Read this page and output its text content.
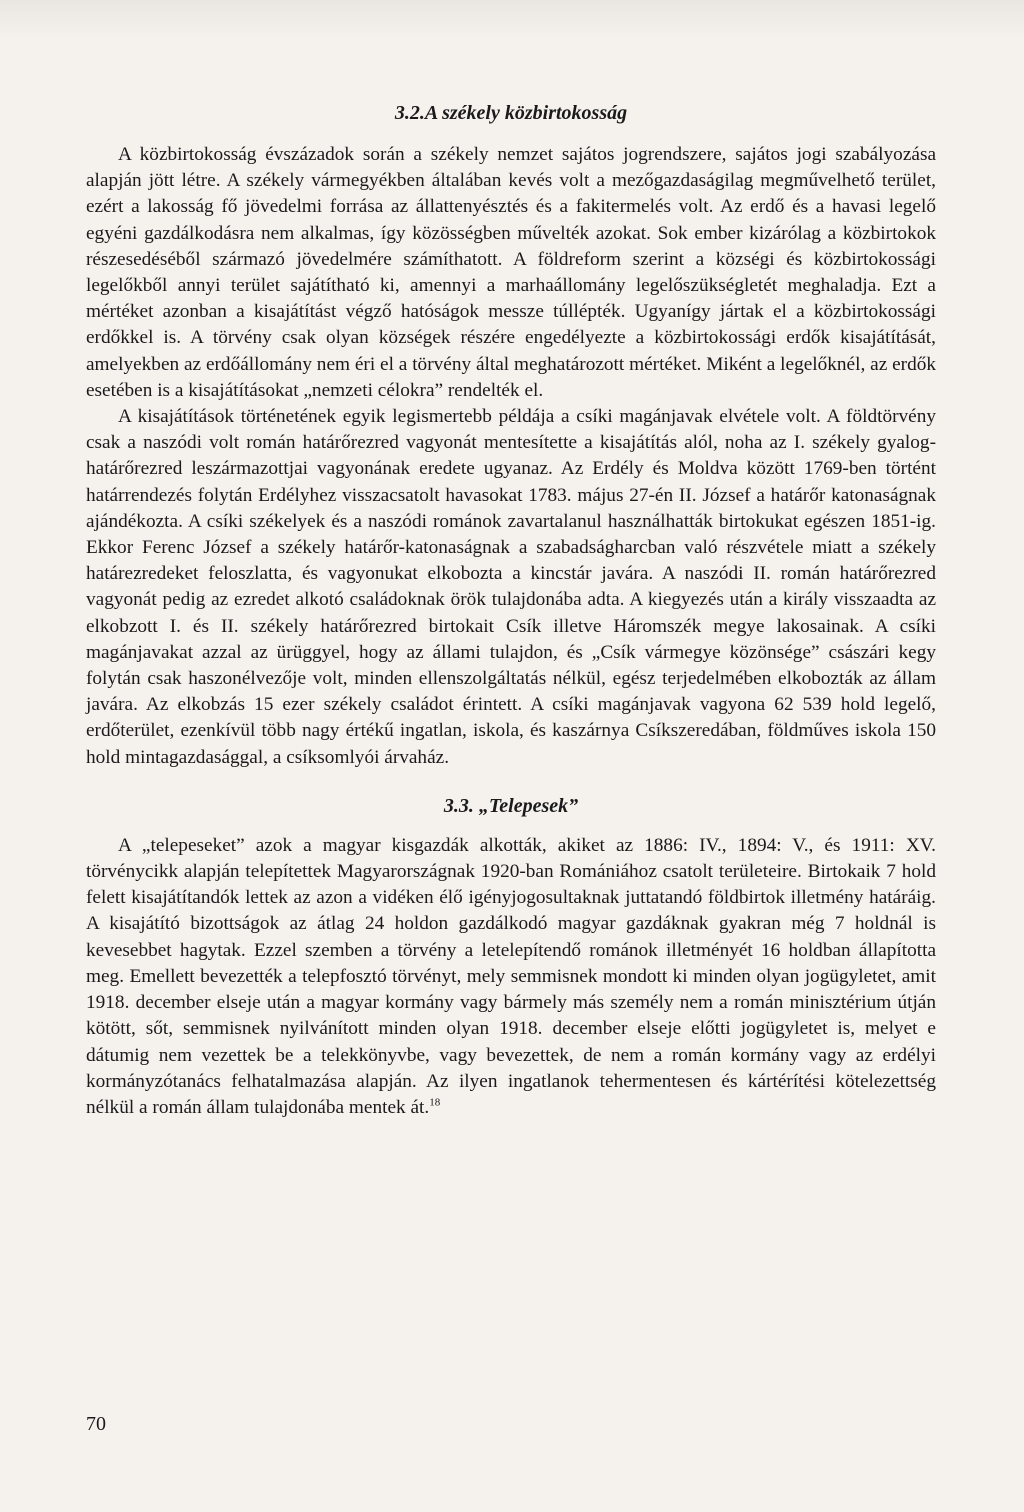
3.2.A székely közbirtokosság

A közbirtokosság évszázadok során a székely nemzet sajátos jogrendszere, sajátos jogi szabályozása alapján jött létre. A székely vármegyékben általában kevés volt a mezőgazdaságilag megművelhető terület, ezért a lakosság fő jövedelmi forrása az állattenyésztés és a fakitermelés volt. Az erdő és a havasi legelő egyéni gazdálkodásra nem alkalmas, így közösségben művelték azokat. Sok ember kizárólag a közbirtokok részesedéséből származó jövedelmére számíthatott. A földreform szerint a községi és közbirtokossági legelőkből annyi terület sajátítható ki, amennyi a marhaállomány legelőszükségletét meghaladja. Ezt a mértéket azonban a kisajátítást végző hatóságok messze túllépték. Ugyanígy jártak el a közbirtokossági erdőkkel is. A törvény csak olyan községek részére engedélyezte a közbirtokossági erdők kisajátítását, amelyekben az erdőállomány nem éri el a törvény által meghatározott mértéket. Miként a legelőknél, az erdők esetében is a kisajátításokat „nemzeti célokra” rendelték el.

A kisajátítások történetének egyik legismertebb példája a csíki magánjavak elvétele volt. A földtörvény csak a naszódi volt román határőrezred vagyonát mentesítette a kisajátítás alól, noha az I. székely gyalog-határőrezred leszármazottjai vagyonának eredete ugyanaz. Az Erdély és Moldva között 1769-ben történt határrendezés folytán Erdélyhez visszacsatolt havasokat 1783. május 27-én II. József a határőr katonaságnak ajándékozta. A csíki székelyek és a naszódi románok zavartalanul használhatták birtokukat egészen 1851-ig. Ekkor Ferenc József a székely határőr-katonaságnak a szabadságharcban való részvétele miatt a székely határezredeket feloszlatta, és vagyonukat elkobozta a kincstár javára. A naszódi II. román határőrezred vagyonát pedig az ezredet alkotó családoknak örök tulajdonába adta. A kiegyezés után a király visszaadta az elkobzott I. és II. székely határőrezred birtokait Csík illetve Háromszék megye lakosainak. A csíki magánjavakat azzal az ürüggyel, hogy az állami tulajdon, és „Csík vármegye közönsége” császári kegy folytán csak haszonélvezője volt, minden ellenszolgáltatás nélkül, egész terjedelmében elkobozták az állam javára. Az elkobzás 15 ezer székely családot érintett. A csíki magánjavak vagyona 62 539 hold legelő, erdőterület, ezenkívül több nagy értékű ingatlan, iskola, és kaszárnya Csíkszeredában, földműves iskola 150 hold mintagazdasággal, a csíksomlyói árvaház.

3.3. „Telepesek”

A „telepeseket” azok a magyar kisgazdák alkották, akiket az 1886: IV., 1894: V., és 1911: XV. törvénycikk alapján telepítettek Magyarországnak 1920-ban Romániához csatolt területeire. Birtokaik 7 hold felett kisajátítandók lettek az azon a vidéken élő igényjogosultaknak juttatandó földbirtok illetmény határáig. A kisajátító bizottságok az átlag 24 holdon gazdálkodó magyar gazdáknak gyakran még 7 holdnál is kevesebbet hagytak. Ezzel szemben a törvény a letelepítendő románok illetményét 16 holdban állapította meg. Emellett bevezették a telepfosztó törvényt, mely semmisnek mondott ki minden olyan jogügyletet, amit 1918. december elseje után a magyar kormány vagy bármely más személy nem a román minisztérium útján kötött, sőt, semmisnek nyilvánított minden olyan 1918. december elseje előtti jogügyletet is, melyet e dátumig nem vezettek be a telekkönyvbe, vagy bevezettek, de nem a román kormány vagy az erdélyi kormányzótanács felhatalmazása alapján. Az ilyen ingatlanok tehermentesen és kártérítési kötelezettség nélkül a román állam tulajdonába mentek át.$^{18}$

70
